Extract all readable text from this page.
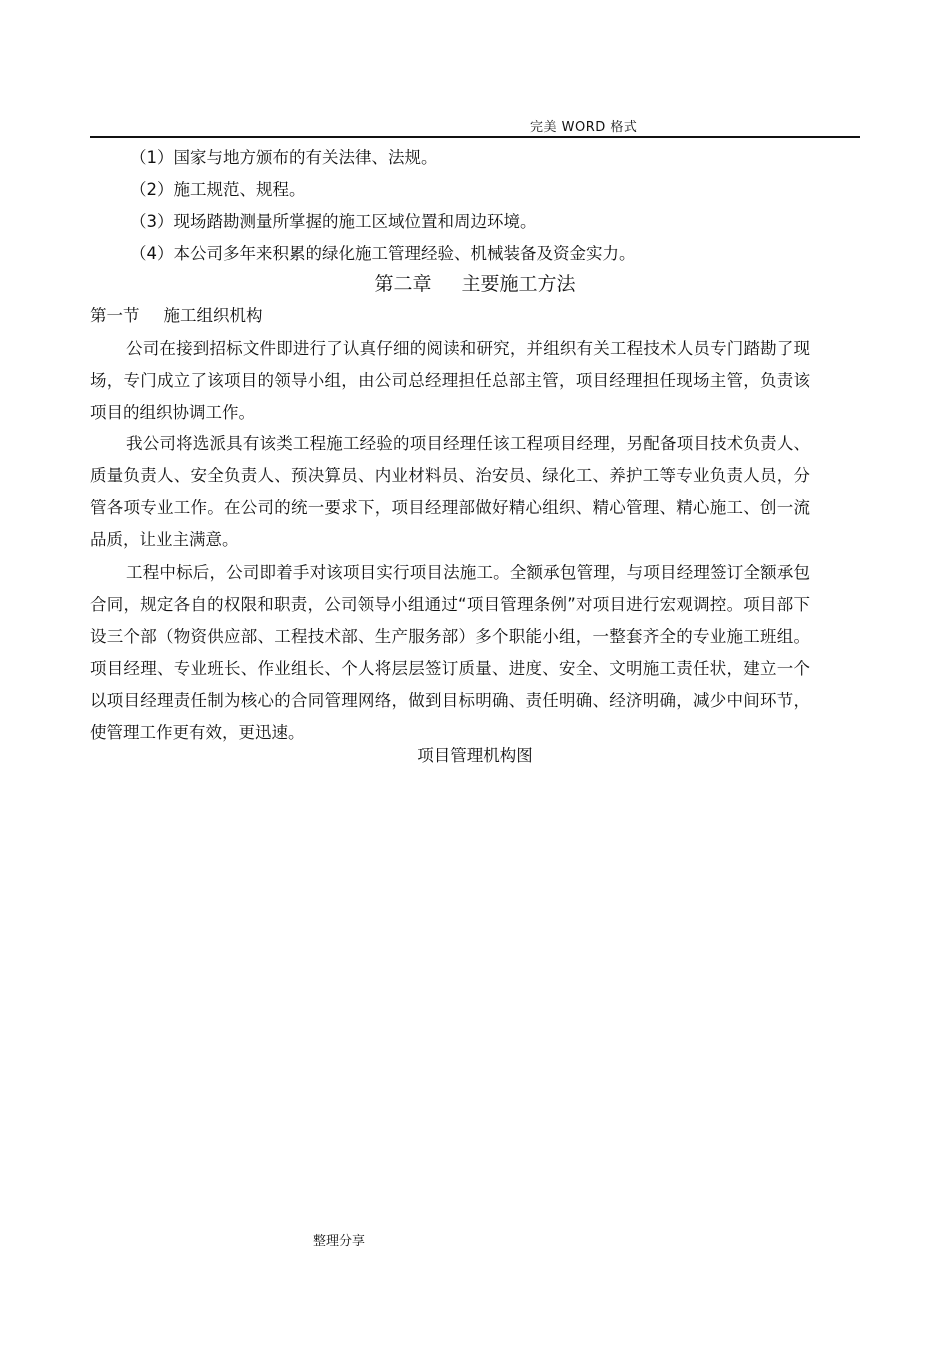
完美 WORD 格式
（1）国家与地方颁布的有关法律、法规。
（2）施工规范、规程。
（3）现场踏勘测量所掌握的施工区域位置和周边环境。
（4）本公司多年来积累的绿化施工管理经验、机械装备及资金实力。
第二章 主要施工方法
第一节 施工组织机构

公司在接到招标文件即进行了认真仔细的阅读和研究，并组织有关工程技术人员专门踏勘了现场，专门成立了该项目的领导小组，由公司总经理担任总部主管，项目经理担任现场主管，负责该项目的组织协调工作。

我公司将选派具有该类工程施工经验的项目经理任该工程项目经理，另配备项目技术负责人、质量负责人、安全负责人、预决算员、内业材料员、治安员、绿化工、养护工等专业负责人员，分管各项专业工作。在公司的统一要求下，项目经理部做好精心组织、精心管理、精心施工、创一流品质，让业主满意。

工程中标后，公司即着手对该项目实行项目法施工。全额承包管理，与项目经理签订全额承包合同，规定各自的权限和职责，公司领导小组通过“项目管理条例”对项目进行宏观调控。项目部下设三个部（物资供应部、工程技术部、生产服务部）多个职能小组，一整套齐全的专业施工班组。项目经理、专业班长、作业组长、个人将层层签订质量、进度、安全、文明施工责任状，建立一个以项目经理责任制为核心的合同管理网络，做到目标明确、责任明确、经济明确，减少中间环节，使管理工作更有效，更迅速。

项目管理机构图
整理分享
